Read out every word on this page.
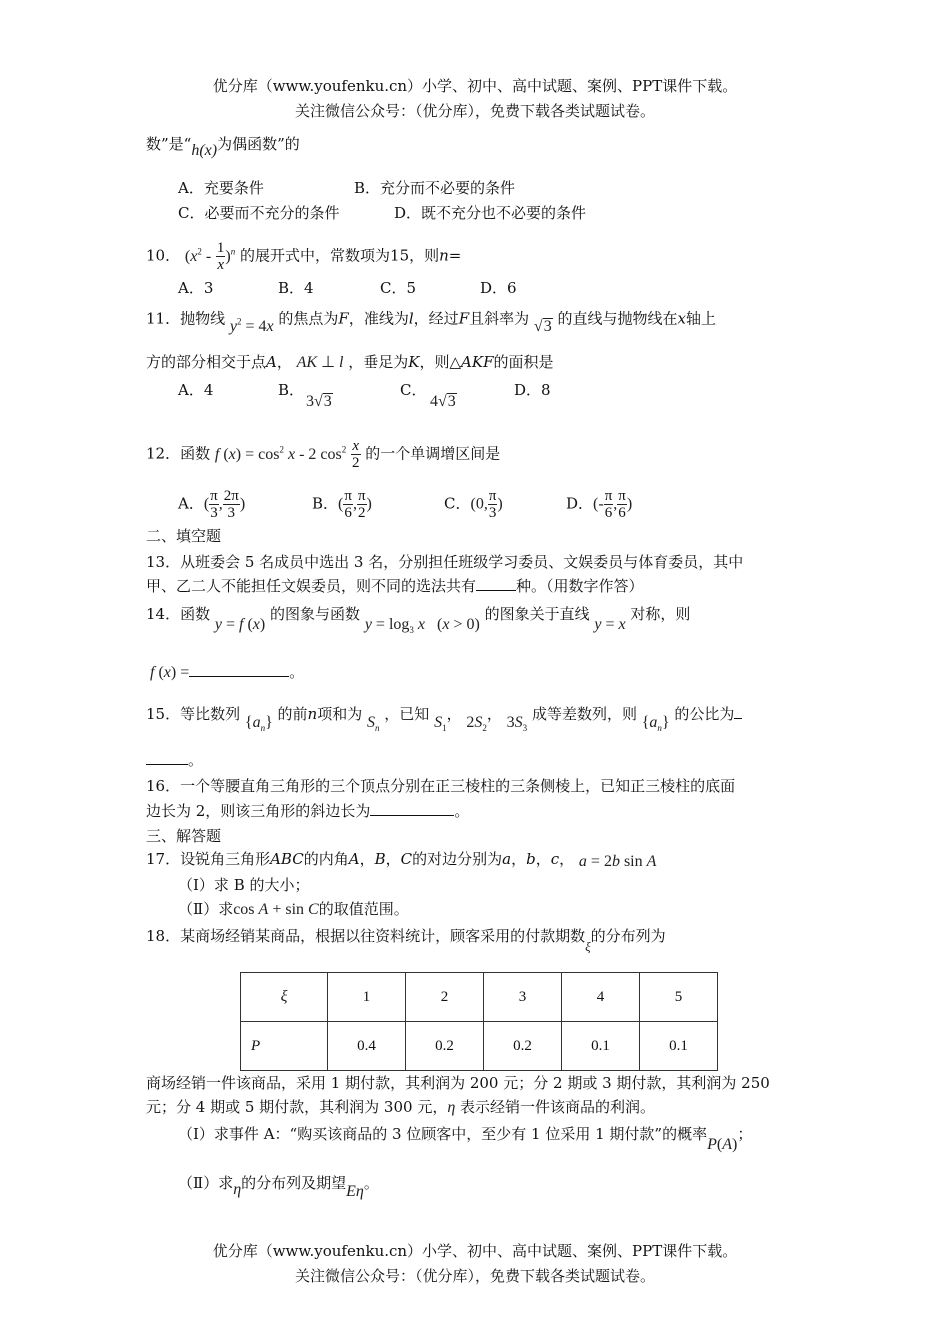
优分库（www.youfenku.cn）小学、初中、高中试题、案例、PPT课件下载。
关注微信公众号：（优分库），免费下载各类试题试卷。
数”是“h(x)为偶函数”的
A．充要条件	B．充分而不必要的条件
C．必要而不充分的条件	D．既不充分也不必要的条件
10． $(x^2 - \frac{1}{x} )^n$ 的展开式中，常数项为15，则n=
A．3	B．4	C．5	D．6
11．抛物线 $y^2 = 4x$ 的焦点为F，准线为l，经过F且斜率为 √3 的直线与抛物线在x轴上
方的部分相交于点A， AK ⊥ l ，垂足为K，则△AKF的面积是
A．4	B．
3√3
C．
4√3
D．8
12．函数 f $(x) = \cos^2 x - 2$ $\cos^2 \frac{x}{2}$ 的一个单调增区间是
A．( $\frac{\pi}{3}$ , $\frac{2\pi}{3}$ )	B．( $\frac{\pi}{6}$ , $\frac{\pi}{2}$ )	C．(0, $\frac{\pi}{3}$ )	D．(- $\frac{\pi}{6}$ , $\frac{\pi}{6}$ )
二、填空题
13．从班委会 5 名成员中选出 3 名，分别担任班级学习委员、文娱委员与体育委员，其中
甲、乙二人不能担任文娱委员，则不同的选法共有	种。（用数字作答）
14．函数 y = f (x) 的图象与函数 $y = \log_3 x$   (x > 0) 的图象关于直线 y = x 对称，则
f (x) =	。
15．等比数列 $\{a_n\}$ 的前n项和为 $S_n$ ，已知 $S_1$， $2S_2$， $3S_3$ 成等差数列，则 $\{a_n\}$ 的公比为
。
16．一个等腰直角三角形的三个顶点分别在正三棱柱的三条侧棱上，已知正三棱柱的底面
边长为 2，则该三角形的斜边长为	。
三、解答题
17．设锐角三角形ABC的内角A，B，C的对边分别为a，b，c， a = 2b sin A
（Ⅰ）求 B 的大小；
（Ⅱ）求cos A + sin C的取值范围。
18．某商场经销某商品，根据以往资料统计，顾客采用的付款期数ξ的分布列为
ξ	1	2	3	4	5
P	0.4	0.2	0.2	0.1	0.1
商场经销一件该商品，采用 1 期付款，其利润为 200 元；分 2 期或 3 期付款，其利润为 250
元；分 4 期或 5 期付款，其利润为 300 元，η 表示经销一件该商品的利润。
（Ⅰ）求事件 A：“购买该商品的 3 位顾客中，至少有 1 位采用 1 期付款”的概率P(A)；
（Ⅱ）求η的分布列及期望Eη。
优分库（www.youfenku.cn）小学、初中、高中试题、案例、PPT课件下载。
关注微信公众号：（优分库），免费下载各类试题试卷。
